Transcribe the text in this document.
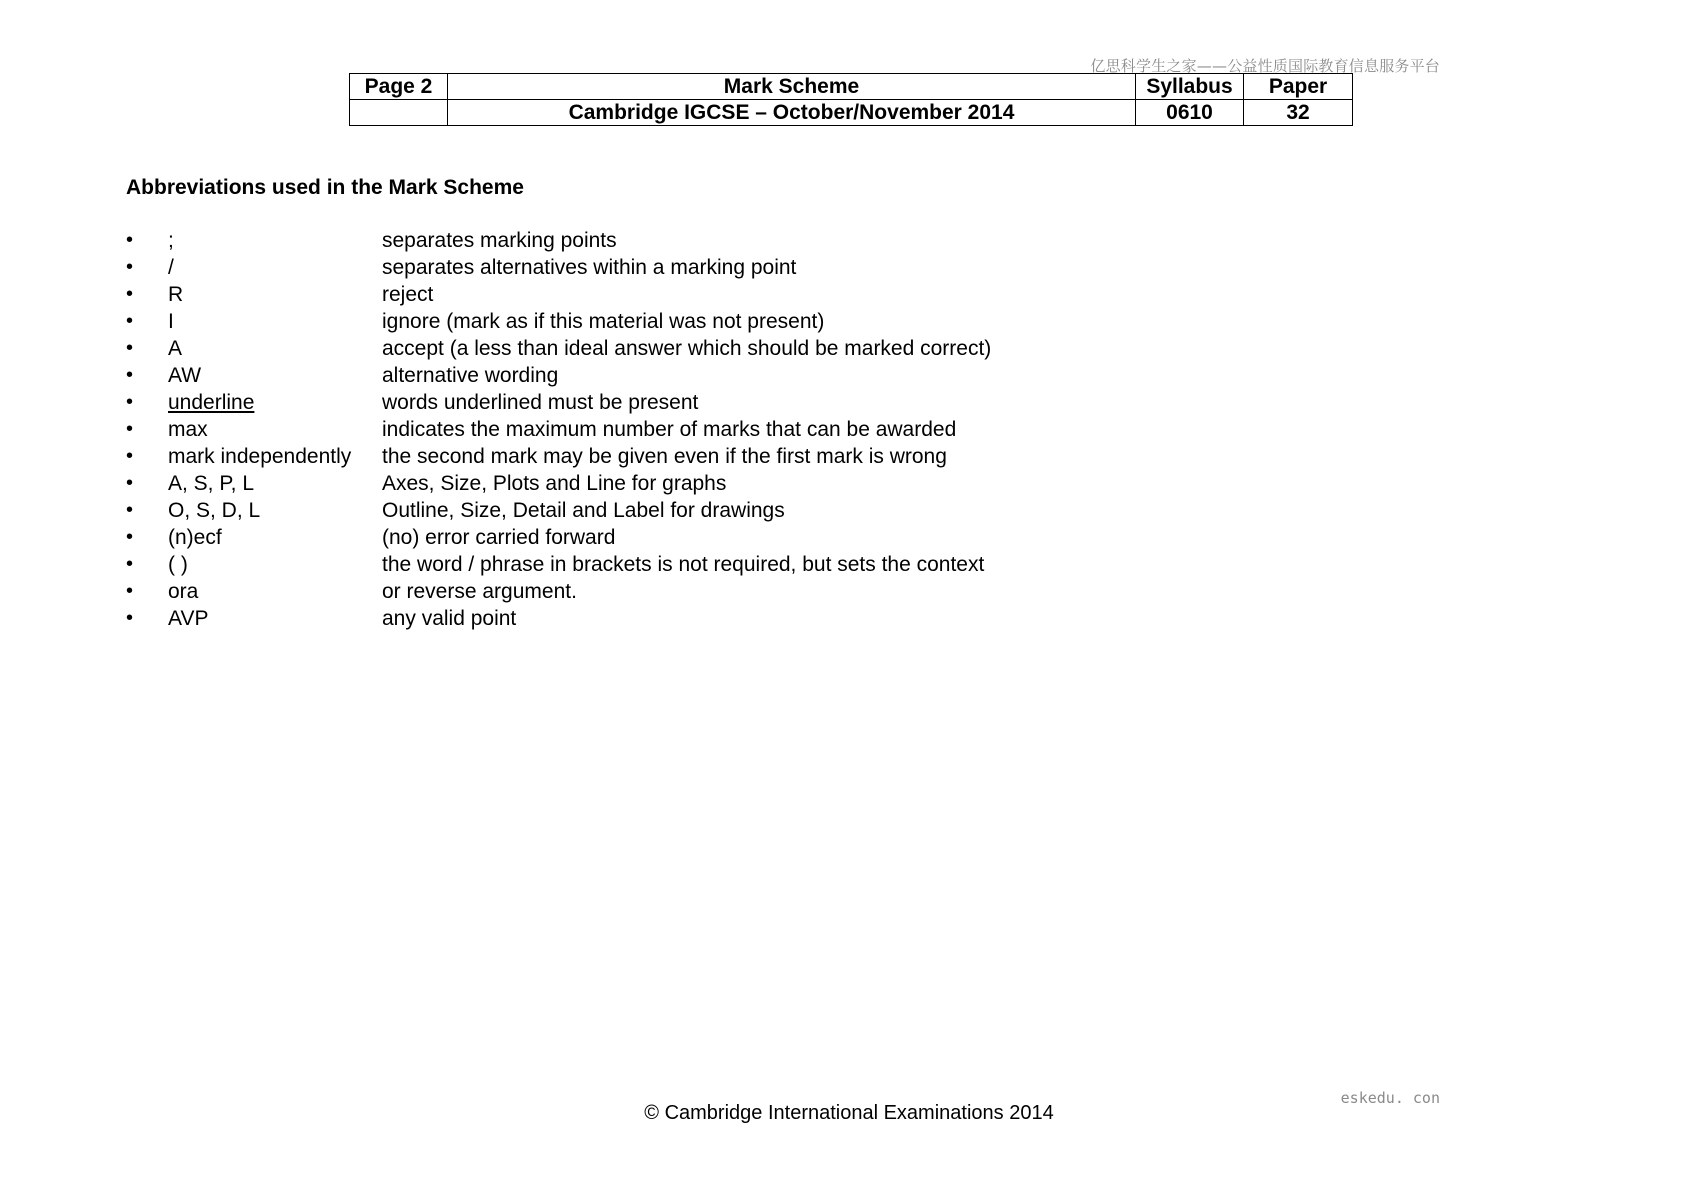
亿思科学生之家——公益性质国际教育信息服务平台
Page 2	Mark Scheme	Syllabus	Paper
	Cambridge IGCSE – October/November 2014	0610	32
Abbreviations used in the Mark Scheme
•	;	separates marking points
•	/	separates alternatives within a marking point
•	R	reject
•	I	ignore (mark as if this material was not present)
•	A	accept (a less than ideal answer which should be marked correct)
•	AW	alternative wording
•	underline	words underlined must be present
•	max	indicates the maximum number of marks that can be awarded
•	mark independently	the second mark may be given even if the first mark is wrong
•	A, S, P, L	Axes, Size, Plots and Line for graphs
•	O, S, D, L	Outline, Size, Detail and Label for drawings
•	(n)ecf	(no) error carried forward
•	( )	the word / phrase in brackets is not required, but sets the context
•	ora	or reverse argument.
•	AVP	any valid point
eskedu. con
© Cambridge International Examinations 2014
